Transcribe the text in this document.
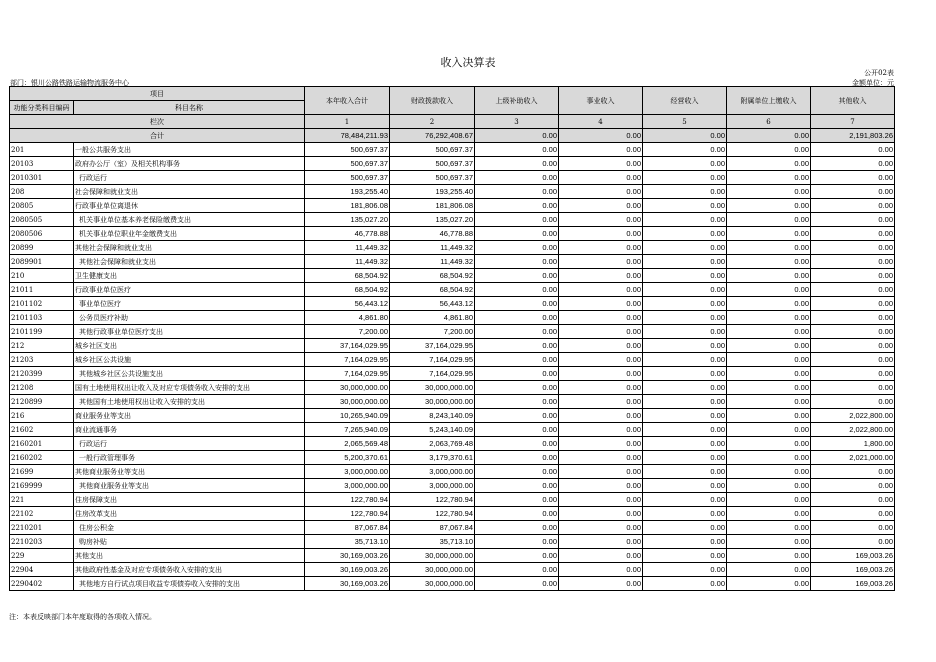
收入决算表
公开02表
部门：银川公路铁路运输物流服务中心	金额单位：元
项目		本年收入合计	财政拨款收入	上级补助收入	事业收入	经营收入	附属单位上缴收入	其他收入
功能分类科目编码	科目名称							

栏次		1	2	3	4	5	6	7
合计		78,484,211.93	76,292,408.67	0.00	0.00	0.00	0.00	2,191,803.26
201	一般公共服务支出	500,697.37	500,697.37	0.00	0.00	0.00	0.00	0.00
20103	政府办公厅（室）及相关机构事务	500,697.37	500,697.37	0.00	0.00	0.00	0.00	0.00
2010301	行政运行	500,697.37	500,697.37	0.00	0.00	0.00	0.00	0.00
208	社会保障和就业支出	193,255.40	193,255.40	0.00	0.00	0.00	0.00	0.00
20805	行政事业单位离退休	181,806.08	181,806.08	0.00	0.00	0.00	0.00	0.00
2080505	机关事业单位基本养老保险缴费支出	135,027.20	135,027.20	0.00	0.00	0.00	0.00	0.00
2080506	机关事业单位职业年金缴费支出	46,778.88	46,778.88	0.00	0.00	0.00	0.00	0.00
20899	其他社会保障和就业支出	11,449.32	11,449.32	0.00	0.00	0.00	0.00	0.00
2089901	其他社会保障和就业支出	11,449.32	11,449.32	0.00	0.00	0.00	0.00	0.00
210	卫生健康支出	68,504.92	68,504.92	0.00	0.00	0.00	0.00	0.00
21011	行政事业单位医疗	68,504.92	68,504.92	0.00	0.00	0.00	0.00	0.00
2101102	事业单位医疗	56,443.12	56,443.12	0.00	0.00	0.00	0.00	0.00
2101103	公务员医疗补助	4,861.80	4,861.80	0.00	0.00	0.00	0.00	0.00
2101199	其他行政事业单位医疗支出	7,200.00	7,200.00	0.00	0.00	0.00	0.00	0.00
212	城乡社区支出	37,164,029.95	37,164,029.95	0.00	0.00	0.00	0.00	0.00
21203	城乡社区公共设施	7,164,029.95	7,164,029.95	0.00	0.00	0.00	0.00	0.00
2120399	其他城乡社区公共设施支出	7,164,029.95	7,164,029.95	0.00	0.00	0.00	0.00	0.00
21208	国有土地使用权出让收入及对应专项债务收入安排的支出	30,000,000.00	30,000,000.00	0.00	0.00	0.00	0.00	0.00
2120899	其他国有土地使用权出让收入安排的支出	30,000,000.00	30,000,000.00	0.00	0.00	0.00	0.00	0.00
216	商业服务业等支出	10,265,940.09	8,243,140.09	0.00	0.00	0.00	0.00	2,022,800.00
21602	商业流通事务	7,265,940.09	5,243,140.09	0.00	0.00	0.00	0.00	2,022,800.00
2160201	行政运行	2,065,569.48	2,063,769.48	0.00	0.00	0.00	0.00	1,800.00
2160202	一般行政管理事务	5,200,370.61	3,179,370.61	0.00	0.00	0.00	0.00	2,021,000.00
21699	其他商业服务业等支出	3,000,000.00	3,000,000.00	0.00	0.00	0.00	0.00	0.00
2169999	其他商业服务业等支出	3,000,000.00	3,000,000.00	0.00	0.00	0.00	0.00	0.00
221	住房保障支出	122,780.94	122,780.94	0.00	0.00	0.00	0.00	0.00
22102	住房改革支出	122,780.94	122,780.94	0.00	0.00	0.00	0.00	0.00
2210201	住房公积金	87,067.84	87,067.84	0.00	0.00	0.00	0.00	0.00
2210203	购房补贴	35,713.10	35,713.10	0.00	0.00	0.00	0.00	0.00
229	其他支出	30,169,003.26	30,000,000.00	0.00	0.00	0.00	0.00	169,003.26
22904	其他政府性基金及对应专项债务收入安排的支出	30,169,003.26	30,000,000.00	0.00	0.00	0.00	0.00	169,003.26
2290402	其他地方自行试点项目收益专项债券收入安排的支出	30,169,003.26	30,000,000.00	0.00	0.00	0.00	0.00	169,003.26
注：本表反映部门本年度取得的各项收入情况。
